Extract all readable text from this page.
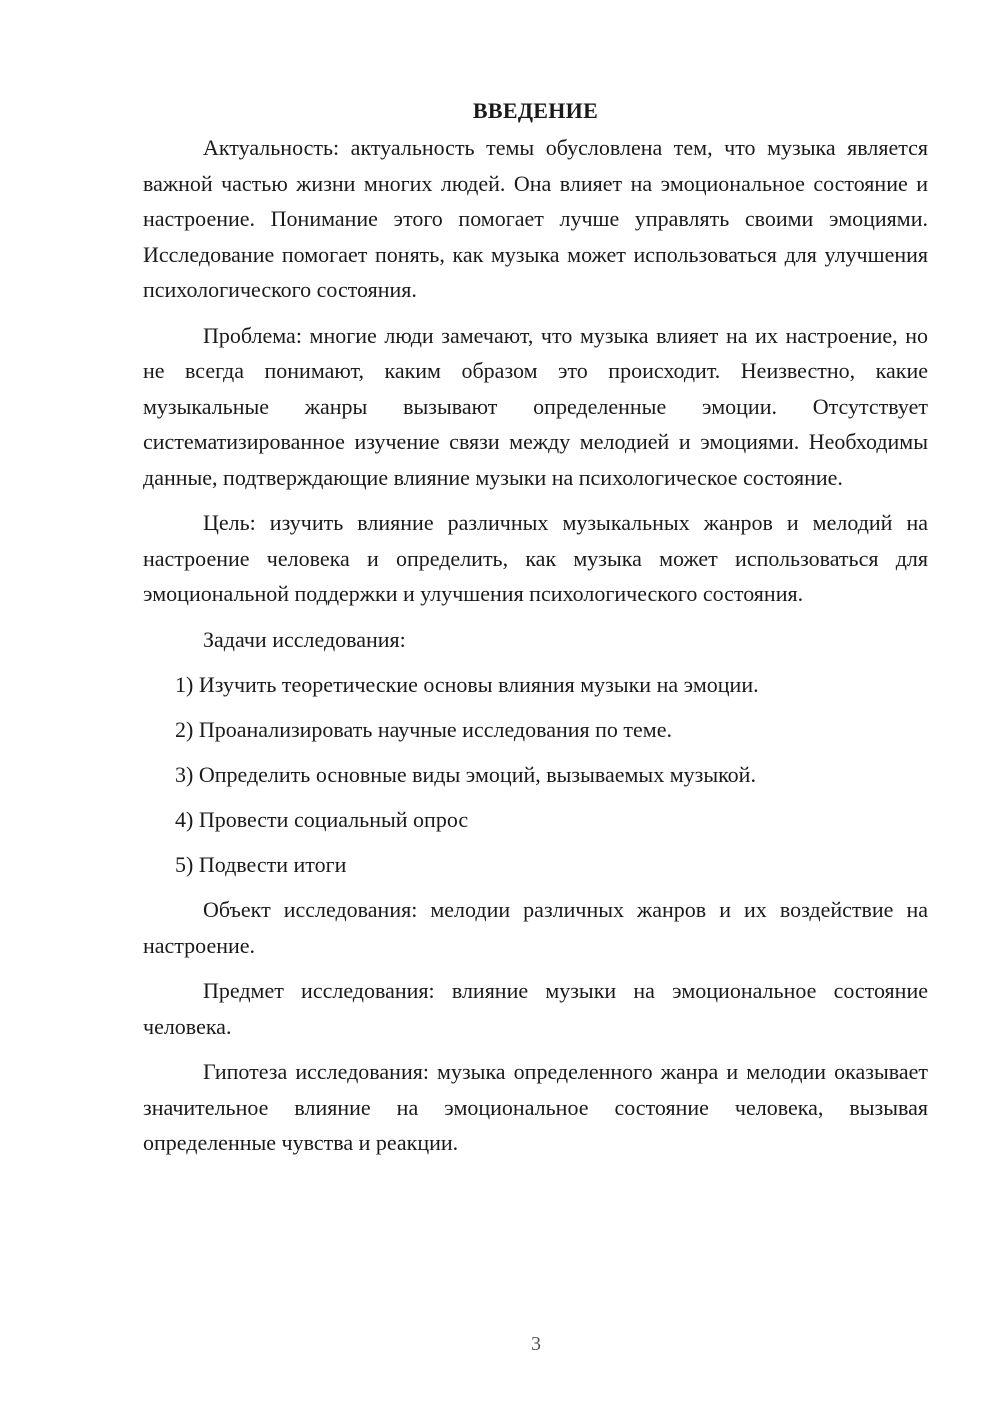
ВВЕДЕНИЕ

Актуальность: актуальность темы обусловлена тем, что музыка является важной частью жизни многих людей. Она влияет на эмоциональное состояние и настроение. Понимание этого помогает лучше управлять своими эмоциями. Исследование помогает понять, как музыка может использоваться для улучшения психологического состояния.

Проблема: многие люди замечают, что музыка влияет на их настроение, но не всегда понимают, каким образом это происходит. Неизвестно, какие музыкальные жанры вызывают определенные эмоции. Отсутствует систематизированное изучение связи между мелодией и эмоциями. Необходимы данные, подтверждающие влияние музыки на психологическое состояние.

Цель: изучить влияние различных музыкальных жанров и мелодий на настроение человека и определить, как музыка может использоваться для эмоциональной поддержки и улучшения психологического состояния.

Задачи исследования:

1) Изучить теоретические основы влияния музыки на эмоции.
2) Проанализировать научные исследования по теме.
3) Определить основные виды эмоций, вызываемых музыкой.
4) Провести социальный опрос
5) Подвести итоги

Объект исследования: мелодии различных жанров и их воздействие на настроение.

Предмет исследования: влияние музыки на эмоциональное состояние человека.

Гипотеза исследования: музыка определенного жанра и мелодии оказывает значительное влияние на эмоциональное состояние человека, вызывая определенные чувства и реакции.

3
